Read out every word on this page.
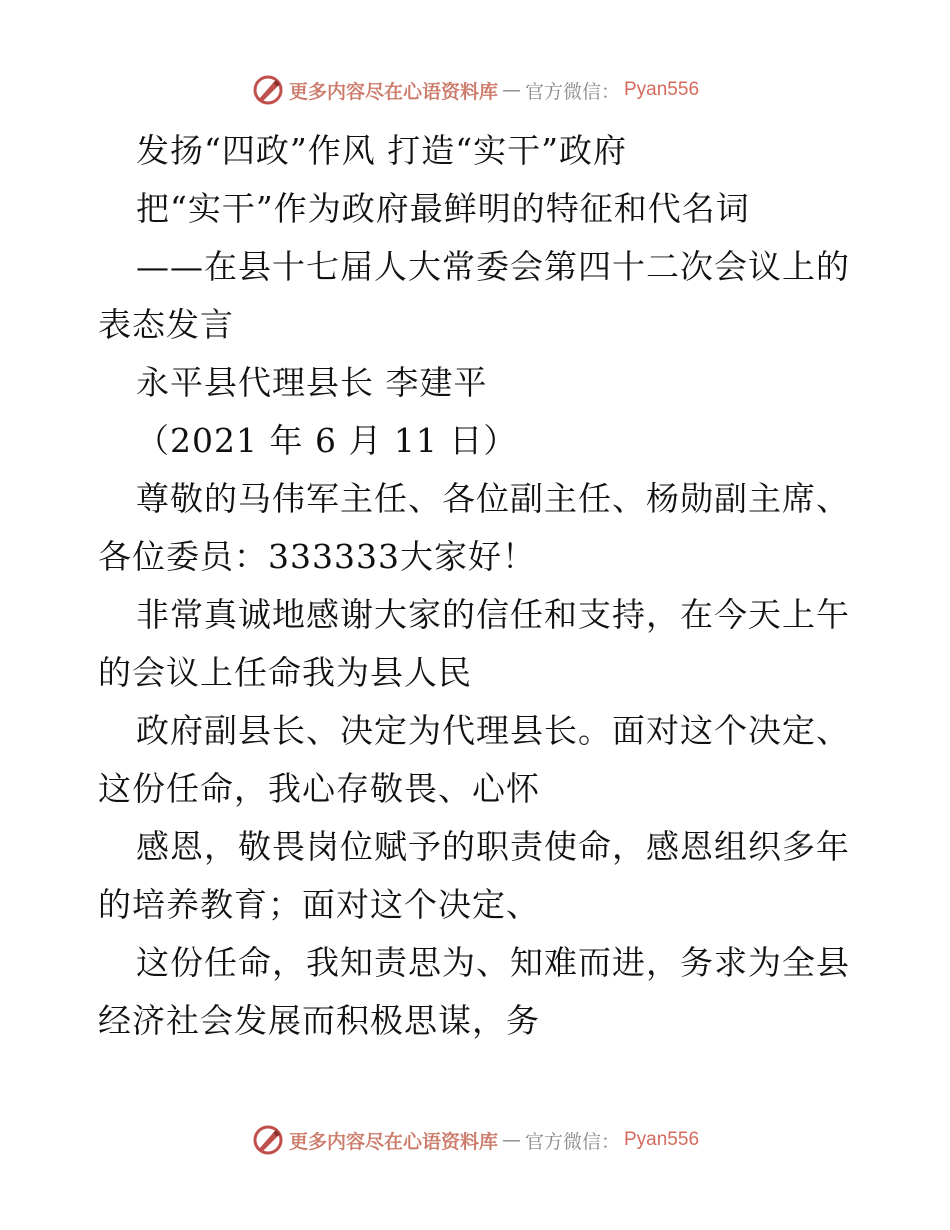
更多内容尽在心语资料库 — 官方微信： Pyan556
发扬“四政”作风 打造“实干”政府
把“实干”作为政府最鲜明的特征和代名词
——在县十七届人大常委会第四十二次会议上的
表态发言
永平县代理县长 李建平
（2021 年 6 月 11 日）
尊敬的马伟军主任、各位副主任、杨勋副主席、
各位委员：333333大家好！
非常真诚地感谢大家的信任和支持，在今天上午
的会议上任命我为县人民
政府副县长、决定为代理县长。面对这个决定、
这份任命，我心存敬畏、心怀
感恩，敬畏岗位赋予的职责使命，感恩组织多年
的培养教育；面对这个决定、
这份任命，我知责思为、知难而进，务求为全县
经济社会发展而积极思谋，务
更多内容尽在心语资料库 — 官方微信： Pyan556
